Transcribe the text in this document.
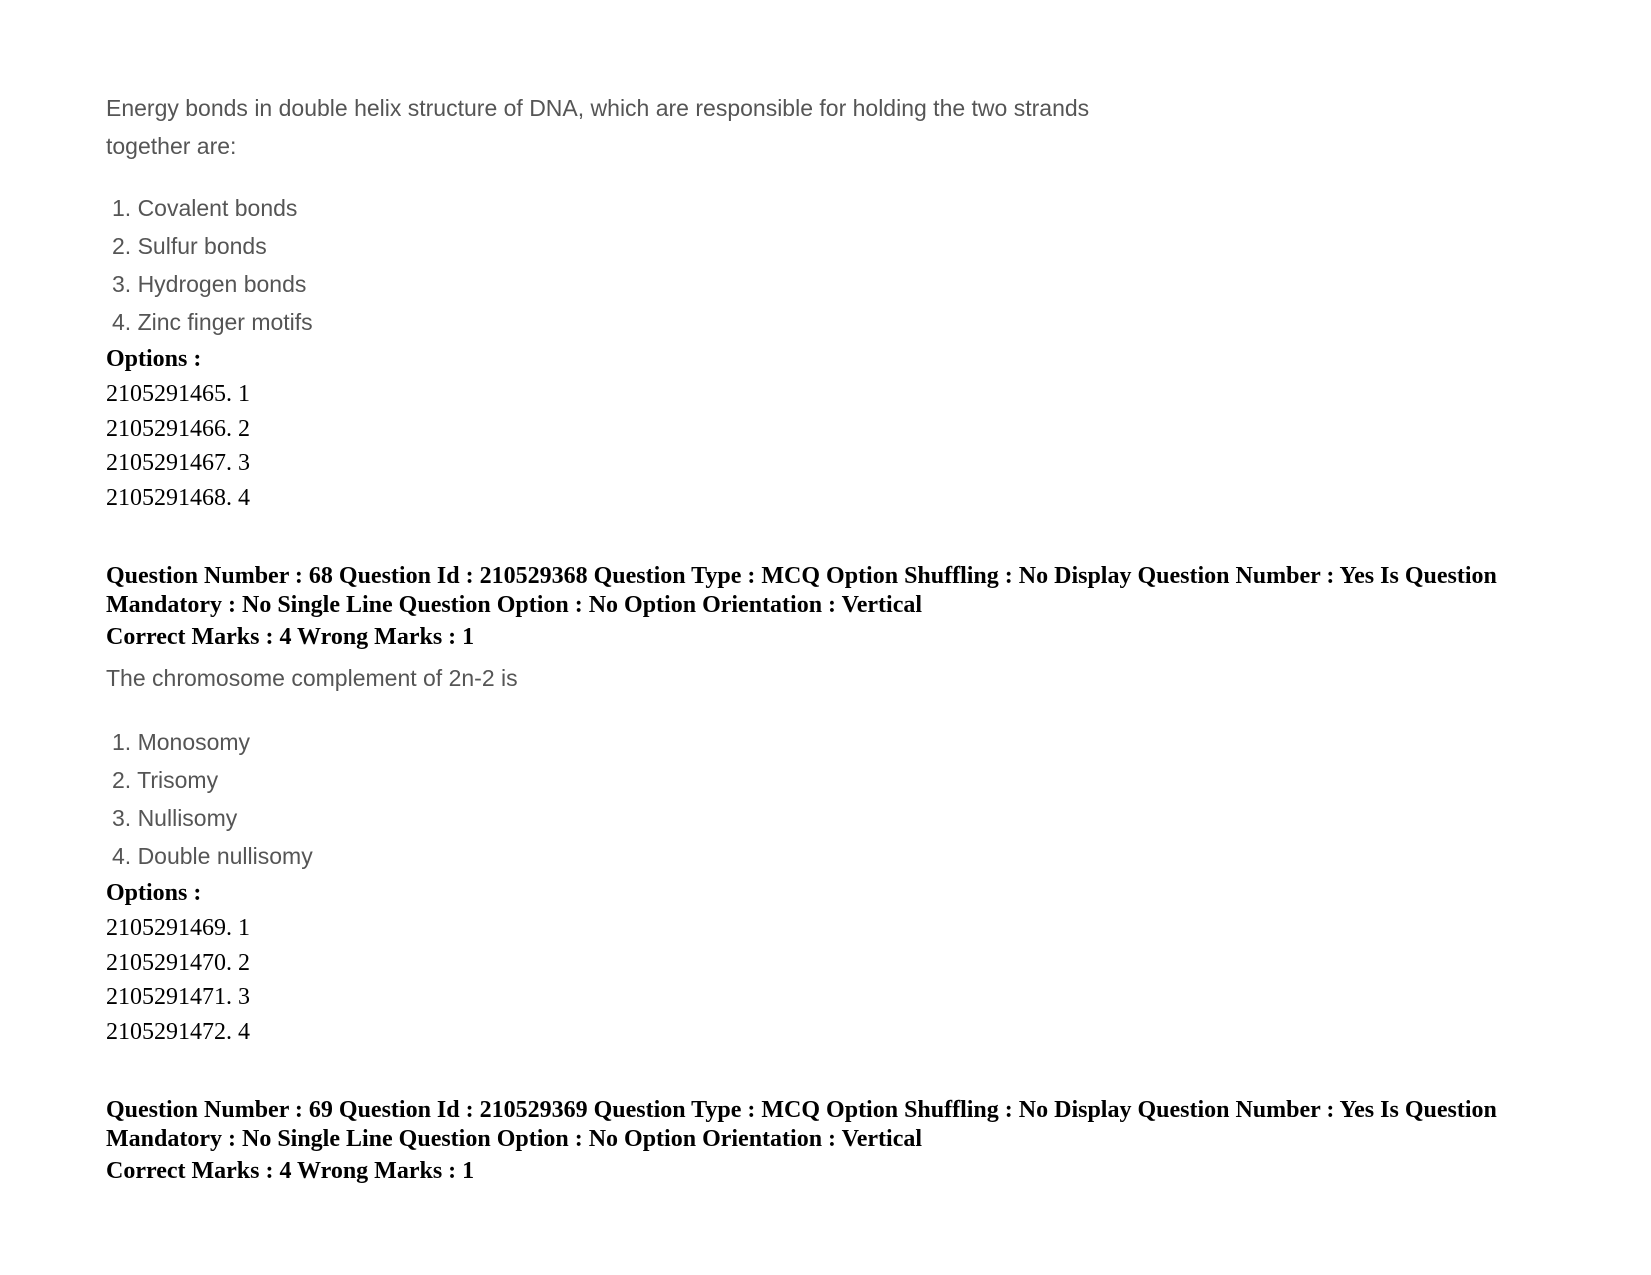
Energy bonds in double helix structure of DNA, which are responsible for holding the two strands together are:
1. Covalent bonds
2. Sulfur bonds
3. Hydrogen bonds
4. Zinc finger motifs
Options :
2105291465. 1
2105291466. 2
2105291467. 3
2105291468. 4
Question Number : 68 Question Id : 210529368 Question Type : MCQ Option Shuffling : No Display Question Number : Yes Is Question Mandatory : No Single Line Question Option : No Option Orientation : Vertical
Correct Marks : 4 Wrong Marks : 1
The chromosome complement of 2n-2 is
1. Monosomy
2. Trisomy
3. Nullisomy
4. Double nullisomy
Options :
2105291469. 1
2105291470. 2
2105291471. 3
2105291472. 4
Question Number : 69 Question Id : 210529369 Question Type : MCQ Option Shuffling : No Display Question Number : Yes Is Question Mandatory : No Single Line Question Option : No Option Orientation : Vertical
Correct Marks : 4 Wrong Marks : 1
